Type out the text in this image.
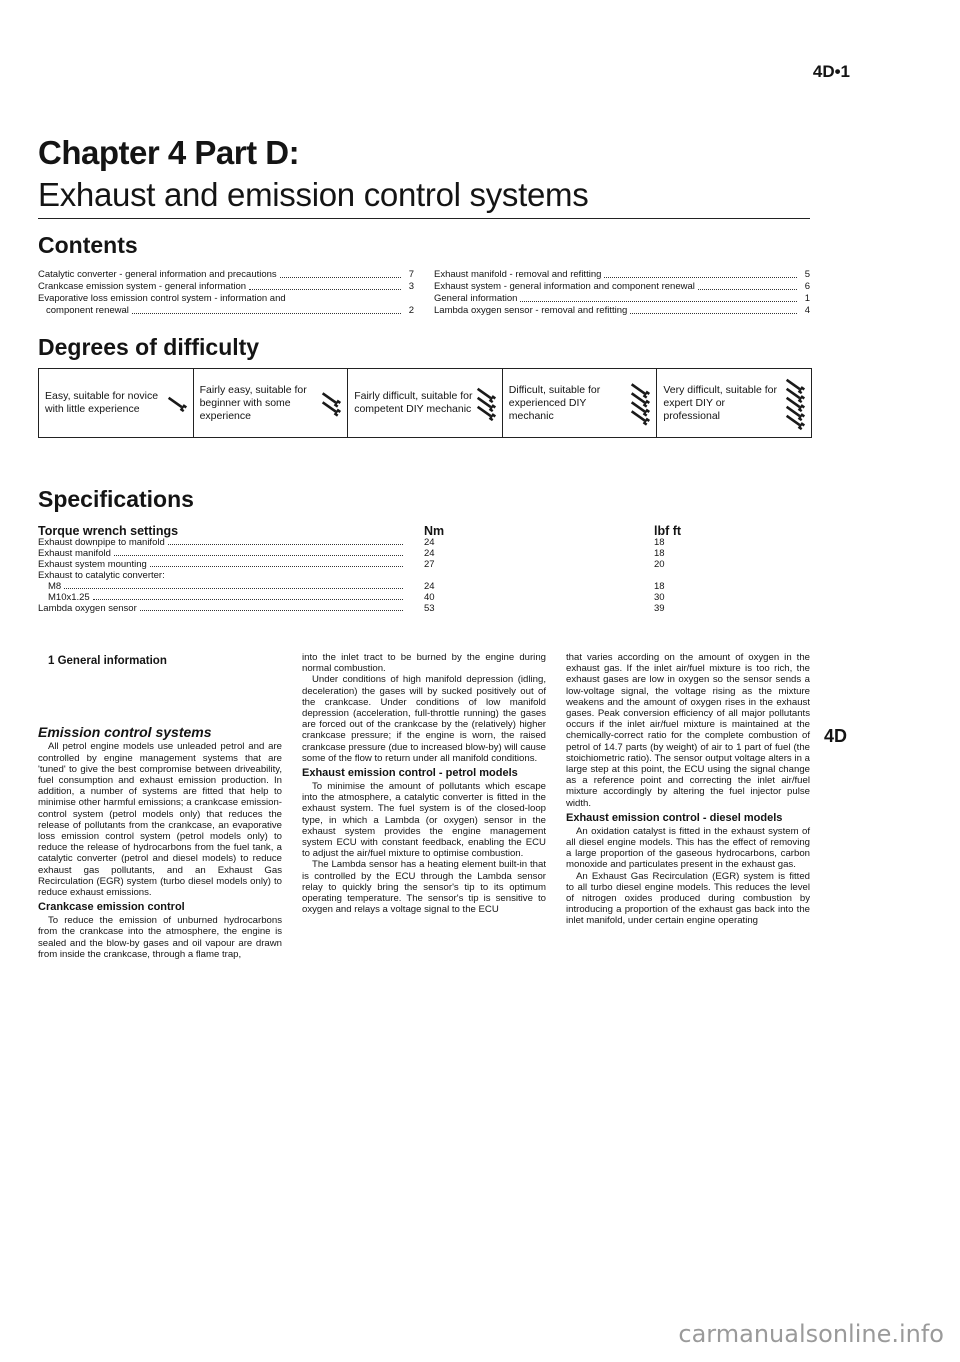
4D•1
Chapter 4 Part D:
Exhaust and emission control systems
Contents
Catalytic converter - general information and precautions	7
Crankcase emission system - general information	3
Evaporative loss emission control system - information and
component renewal	2
Exhaust manifold - removal and refitting	5
Exhaust system - general information and component renewal	6
General information	1
Lambda oxygen sensor - removal and refitting	4
Degrees of difficulty
Easy, suitable for novice with little experience
Fairly easy, suitable for beginner with some experience
Fairly difficult, suitable for competent DIY mechanic
Difficult, suitable for experienced DIY mechanic
Very difficult, suitable for expert DIY or professional
Specifications
Torque wrench settings	Nm	lbf ft
Exhaust downpipe to manifold	24	18
Exhaust manifold	24	18
Exhaust system mounting	27	20
Exhaust to catalytic converter:
M8	24	18
M10x1.25	40	30
Lambda oxygen sensor	53	39
1 General information
Emission control systems

All petrol engine models use unleaded petrol and are controlled by engine management systems that are 'tuned' to give the best compromise between driveability, fuel consumption and exhaust emission production. In addition, a number of systems are fitted that help to minimise other harmful emissions; a crankcase emission-control system (petrol models only) that reduces the release of pollutants from the crankcase, an evaporative loss emission control system (petrol models only) to reduce the release of hydrocarbons from the fuel tank, a catalytic converter (petrol and diesel models) to reduce exhaust gas pollutants, and an Exhaust Gas Recirculation (EGR) system (turbo diesel models only) to reduce exhaust emissions.

Crankcase emission control

To reduce the emission of unburned hydrocarbons from the crankcase into the atmosphere, the engine is sealed and the blow-by gases and oil vapour are drawn from inside the crankcase, through a flame trap,

into the inlet tract to be burned by the engine during normal combustion.

Under conditions of high manifold depression (idling, deceleration) the gases will by sucked positively out of the crankcase. Under conditions of low manifold depression (acceleration, full-throttle running) the gases are forced out of the crankcase by the (relatively) higher crankcase pressure; if the engine is worn, the raised crankcase pressure (due to increased blow-by) will cause some of the flow to return under all manifold conditions.

Exhaust emission control - petrol models

To minimise the amount of pollutants which escape into the atmosphere, a catalytic converter is fitted in the exhaust system. The fuel system is of the closed-loop type, in which a Lambda (or oxygen) sensor in the exhaust system provides the engine management system ECU with constant feedback, enabling the ECU to adjust the air/fuel mixture to optimise combustion.

The Lambda sensor has a heating element built-in that is controlled by the ECU through the Lambda sensor relay to quickly bring the sensor's tip to its optimum operating temperature. The sensor's tip is sensitive to oxygen and relays a voltage signal to the ECU

that varies according on the amount of oxygen in the exhaust gas. If the inlet air/fuel mixture is too rich, the exhaust gases are low in oxygen so the sensor sends a low-voltage signal, the voltage rising as the mixture weakens and the amount of oxygen rises in the exhaust gases. Peak conversion efficiency of all major pollutants occurs if the inlet air/fuel mixture is maintained at the chemically-correct ratio for the complete combustion of petrol of 14.7 parts (by weight) of air to 1 part of fuel (the stoichiometric ratio). The sensor output voltage alters in a large step at this point, the ECU using the signal change as a reference point and correcting the inlet air/fuel mixture accordingly by altering the fuel injector pulse width.

Exhaust emission control - diesel models

An oxidation catalyst is fitted in the exhaust system of all diesel engine models. This has the effect of removing a large proportion of the gaseous hydrocarbons, carbon monoxide and particulates present in the exhaust gas.

An Exhaust Gas Recirculation (EGR) system is fitted to all turbo diesel engine models. This reduces the level of nitrogen oxides produced during combustion by introducing a proportion of the exhaust gas back into the inlet manifold, under certain engine operating

4D
carmanualsonline.info
